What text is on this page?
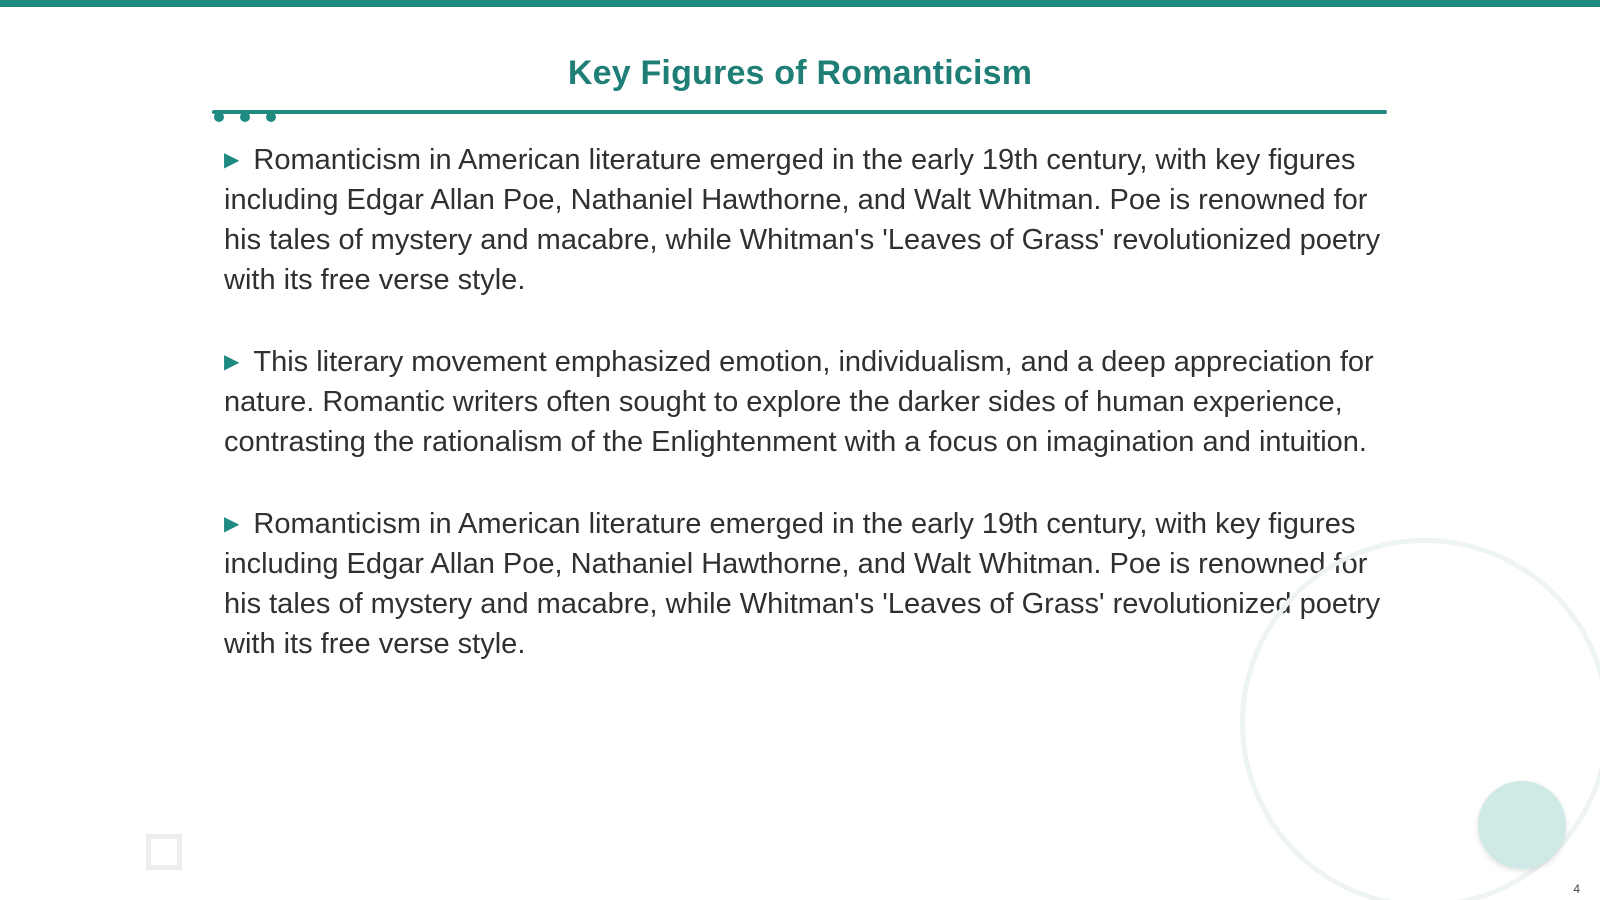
Key Figures of Romanticism

▶ Romanticism in American literature emerged in the early 19th century, with key figures including Edgar Allan Poe, Nathaniel Hawthorne, and Walt Whitman. Poe is renowned for his tales of mystery and macabre, while Whitman's 'Leaves of Grass' revolutionized poetry with its free verse style.

▶ This literary movement emphasized emotion, individualism, and a deep appreciation for nature. Romantic writers often sought to explore the darker sides of human experience, contrasting the rationalism of the Enlightenment with a focus on imagination and intuition.

▶ Romanticism in American literature emerged in the early 19th century, with key figures including Edgar Allan Poe, Nathaniel Hawthorne, and Walt Whitman. Poe is renowned for his tales of mystery and macabre, while Whitman's 'Leaves of Grass' revolutionized poetry with its free verse style.

4
